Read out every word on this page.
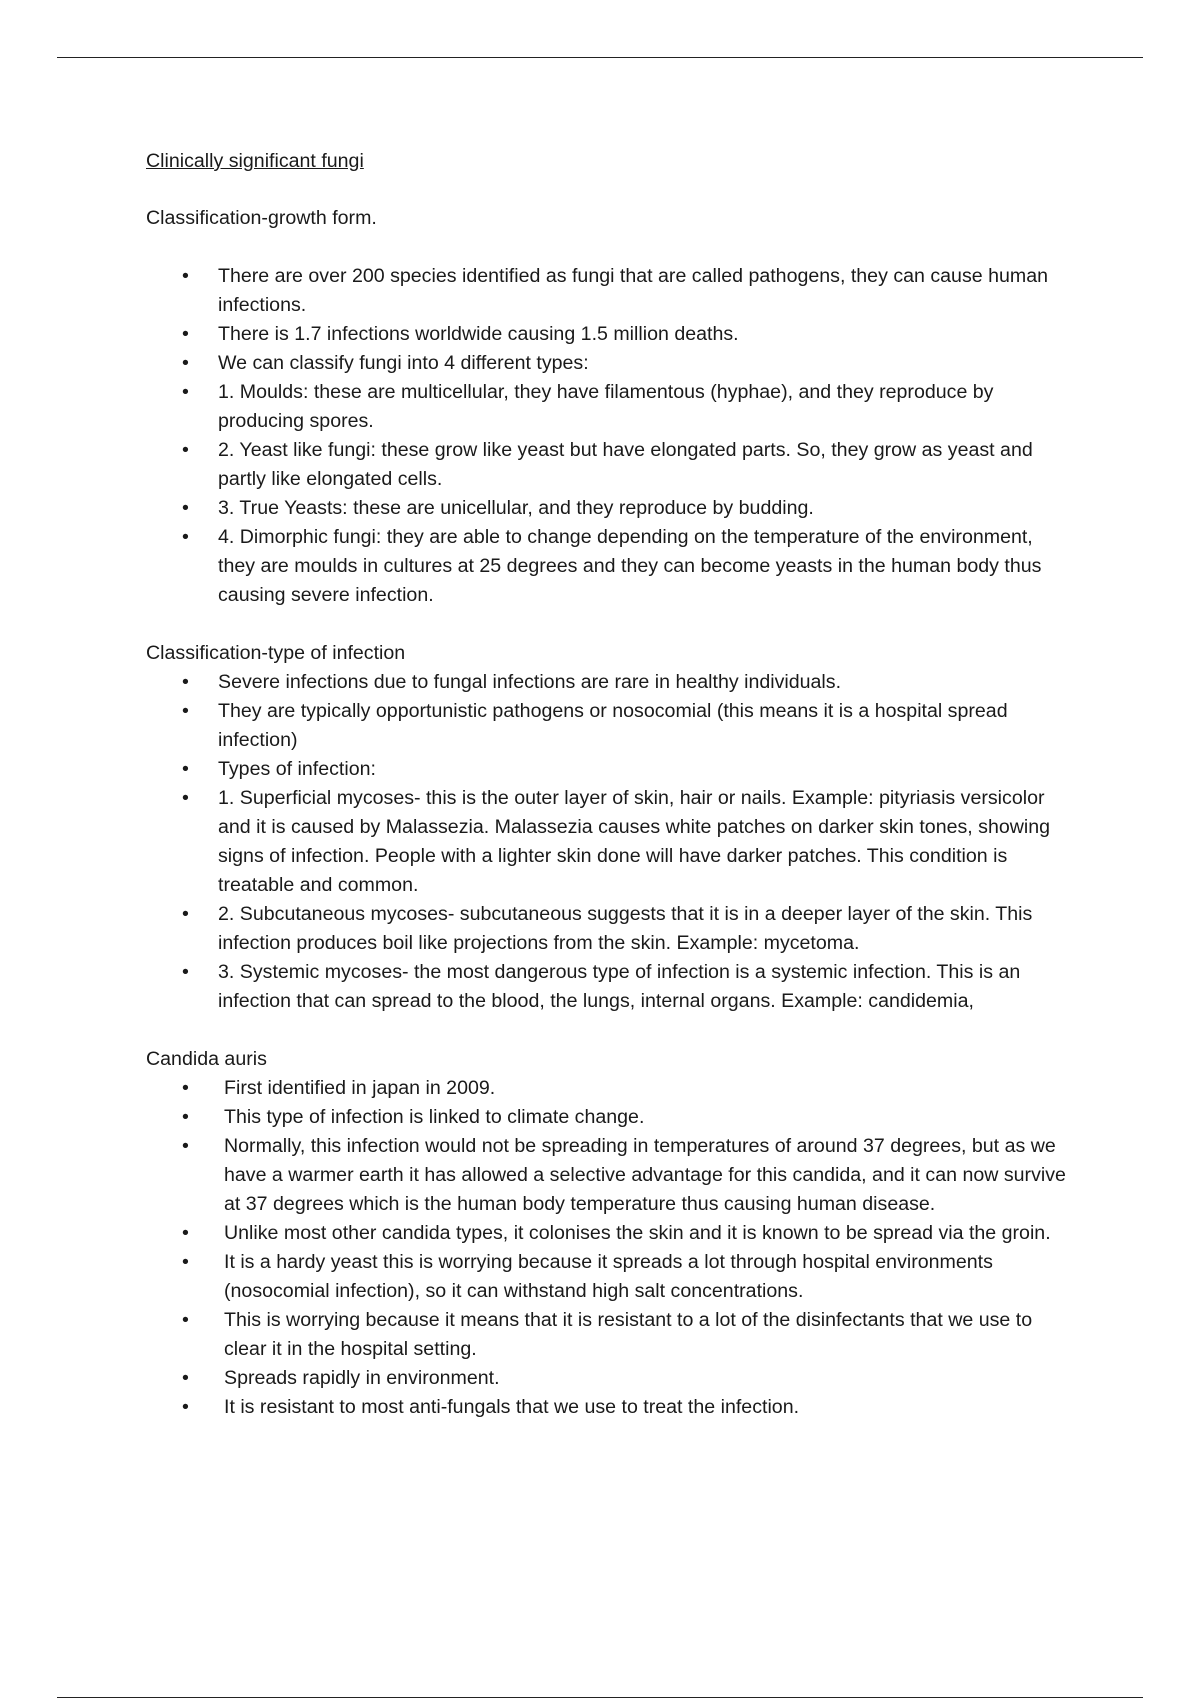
Clinically significant fungi
Classification-growth form.
• There are over 200 species identified as fungi that are called pathogens, they can cause human infections.
• There is 1.7 infections worldwide causing 1.5 million deaths.
• We can classify fungi into 4 different types:
• 1. Moulds: these are multicellular, they have filamentous (hyphae), and they reproduce by producing spores.
• 2. Yeast like fungi: these grow like yeast but have elongated parts. So, they grow as yeast and partly like elongated cells.
• 3. True Yeasts: these are unicellular, and they reproduce by budding.
• 4. Dimorphic fungi: they are able to change depending on the temperature of the environment, they are moulds in cultures at 25 degrees and they can become yeasts in the human body thus causing severe infection.
Classification-type of infection
• Severe infections due to fungal infections are rare in healthy individuals.
• They are typically opportunistic pathogens or nosocomial (this means it is a hospital spread infection)
• Types of infection:
• 1. Superficial mycoses- this is the outer layer of skin, hair or nails. Example: pityriasis versicolor and it is caused by Malassezia. Malassezia causes white patches on darker skin tones, showing signs of infection. People with a lighter skin done will have darker patches. This condition is treatable and common.
• 2. Subcutaneous mycoses- subcutaneous suggests that it is in a deeper layer of the skin. This infection produces boil like projections from the skin. Example: mycetoma.
• 3. Systemic mycoses- the most dangerous type of infection is a systemic infection. This is an infection that can spread to the blood, the lungs, internal organs. Example: candidemia,
Candida auris
• First identified in japan in 2009.
• This type of infection is linked to climate change.
• Normally, this infection would not be spreading in temperatures of around 37 degrees, but as we have a warmer earth it has allowed a selective advantage for this candida, and it can now survive at 37 degrees which is the human body temperature thus causing human disease.
• Unlike most other candida types, it colonises the skin and it is known to be spread via the groin.
• It is a hardy yeast this is worrying because it spreads a lot through hospital environments (nosocomial infection), so it can withstand high salt concentrations.
• This is worrying because it means that it is resistant to a lot of the disinfectants that we use to clear it in the hospital setting.
• Spreads rapidly in environment.
• It is resistant to most anti-fungals that we use to treat the infection.
